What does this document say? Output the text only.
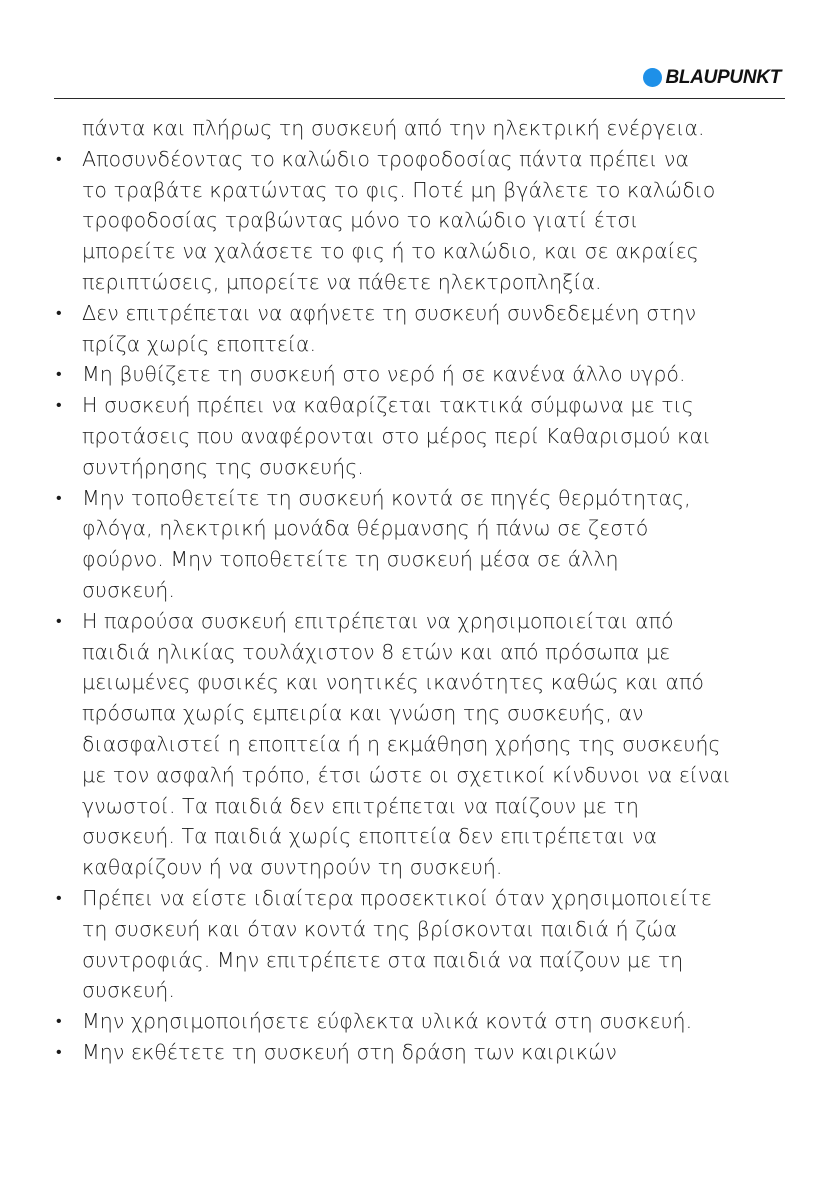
BLAUPUNKT
πάντα και πλήρως τη συσκευή από την ηλεκτρική ενέργεια.
• Αποσυνδέοντας το καλώδιο τροφοδοσίας πάντα πρέπει να
το τραβάτε κρατώντας το φις. Ποτέ μη βγάλετε το καλώδιο
τροφοδοσίας τραβώντας μόνο το καλώδιο γιατί έτσι
μπορείτε να χαλάσετε το φις ή το καλώδιο, και σε ακραίες
περιπτώσεις, μπορείτε να πάθετε ηλεκτροπληξία.
• Δεν επιτρέπεται να αφήνετε τη συσκευή συνδεδεμένη στην
πρίζα χωρίς εποπτεία.
• Μη βυθίζετε τη συσκευή στο νερό ή σε κανένα άλλο υγρό.
• Η συσκευή πρέπει να καθαρίζεται τακτικά σύμφωνα με τις
προτάσεις που αναφέρονται στο μέρος περί Καθαρισμού και
συντήρησης της συσκευής.
• Μην τοποθετείτε τη συσκευή κοντά σε πηγές θερμότητας,
φλόγα, ηλεκτρική μονάδα θέρμανσης ή πάνω σε ζεστό
φούρνο. Μην τοποθετείτε τη συσκευή μέσα σε άλλη
συσκευή.
• Η παρούσα συσκευή επιτρέπεται να χρησιμοποιείται από
παιδιά ηλικίας τουλάχιστον 8 ετών και από πρόσωπα με
μειωμένες φυσικές και νοητικές ικανότητες καθώς και από
πρόσωπα χωρίς εμπειρία και γνώση της συσκευής, αν
διασφαλιστεί η εποπτεία ή η εκμάθηση χρήσης της συσκευής
με τον ασφαλή τρόπο, έτσι ώστε οι σχετικοί κίνδυνοι να είναι
γνωστοί. Τα παιδιά δεν επιτρέπεται να παίζουν με τη
συσκευή. Τα παιδιά χωρίς εποπτεία δεν επιτρέπεται να
καθαρίζουν ή να συντηρούν τη συσκευή.
• Πρέπει να είστε ιδιαίτερα προσεκτικοί όταν χρησιμοποιείτε
τη συσκευή και όταν κοντά της βρίσκονται παιδιά ή ζώα
συντροφιάς. Μην επιτρέπετε στα παιδιά να παίζουν με τη
συσκευή.
• Μην χρησιμοποιήσετε εύφλεκτα υλικά κοντά στη συσκευή.
• Μην εκθέτετε τη συσκευή στη δράση των καιρικών
